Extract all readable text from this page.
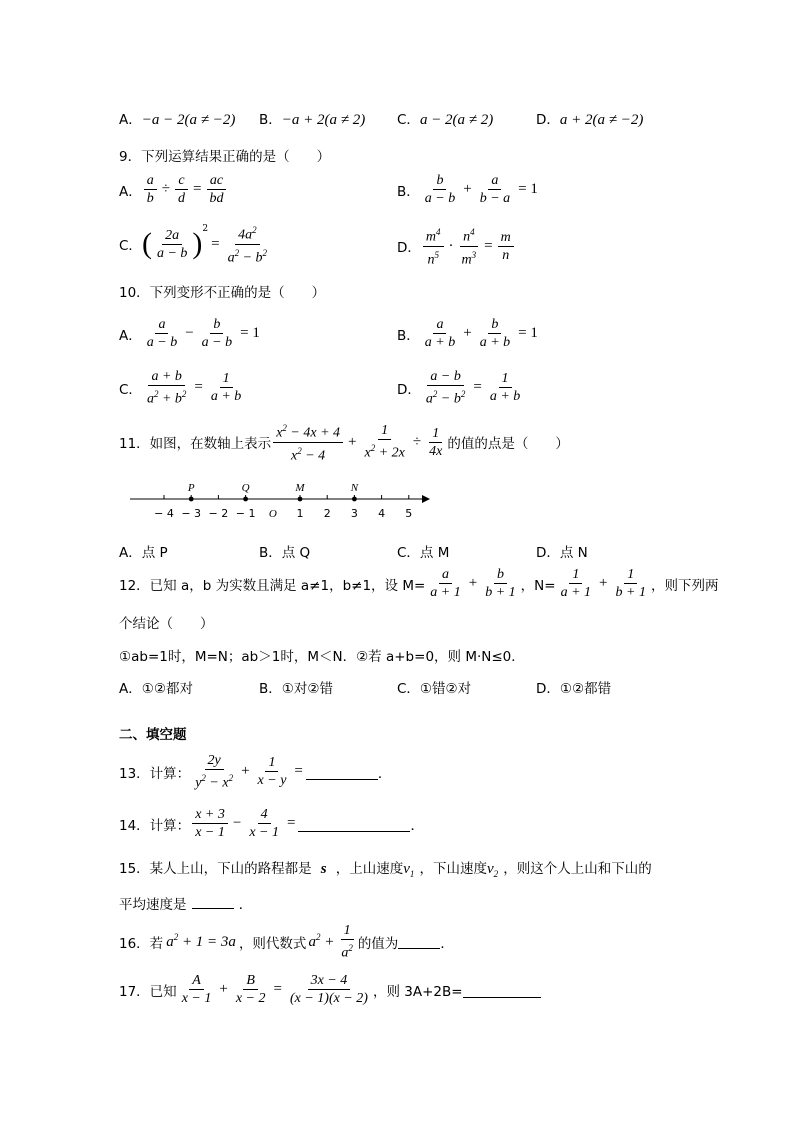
A．−a − 2(a ≠ −2) B．−a + 2(a ≠ 2) C．a − 2(a ≠ 2)	D．a + 2(a ≠ −2)
9．下列运算结果正确的是（　　）
A． $\frac{a}{b} \div \frac{c}{d} = \frac{ac}{bd}$	B． $\frac{b}{a - b} + \frac{a}{b - a} = 1$
C． ( $\frac{2a}{a - b} )^2$
= $\frac{4a^2}{a^2 - b^2}$	D． $\frac{m^4}{n^5} \cdot \frac{n^4}{m^3} = \frac{m}{n}$
10．下列变形不正确的是（　　）
A． $\frac{a}{a - b} - \frac{b}{a - b} = 1$	B． $\frac{a}{a + b} + \frac{b}{a + b} = 1$
C． $\frac{a + b}{a^2 + b^2} = \frac{1}{a + b}$	D． $\frac{a - b}{a^2 - b^2} = \frac{1}{a + b}$
11．如图，在数轴上表示 $\frac{x^2 - 4x + 4}{x^2 - 4} + \frac{1}{x^2 + 2x} \div \frac{1}{4x}$ 的值的点是（　　）
− 4 − 3 − 2 − 1 O 1 2 3 4 5
P	Q	M	N
A．点 P	B．点 Q	C．点 M	D．点 N
12．已知 a，b 为实数且满足 a≠1，b≠1，设 $M= \frac{a}{a + 1} + \frac{b}{b + 1}$ ，$N= \frac{1}{a + 1} + \frac{1}{b + 1}$ ，则下列两
个结论（　　）
①ab=1时，M=N；ab＞1时，M＜N．②若 a+b=0，则 M·N≤0．
A．①②都对	B．①对②错	C．①错②对	D．①②都错
二、填空题
13．计算： $\frac{2y}{y^2 - x^2} + \frac{1}{x - y}$ =	．
14．计算： $\frac{x + 3}{x - 1} - \frac{4}{x - 1}$ =	．
15．某人上山，下山的路程都是 s ，上山速度$v_1$ ，下山速度$v_2$ ，则这个人上山和下山的
平均速度是	．
16．若 $a^2 + 1 = 3a$ ，则代数式 $a^2 + \frac{1}{a^2}$ 的值为	．
17．已知 $\frac{A}{x - 1} + \frac{B}{x - 2} = \frac{3x - 4}{(x - 1)(x - 2)}$ ，则 3A+2B=
